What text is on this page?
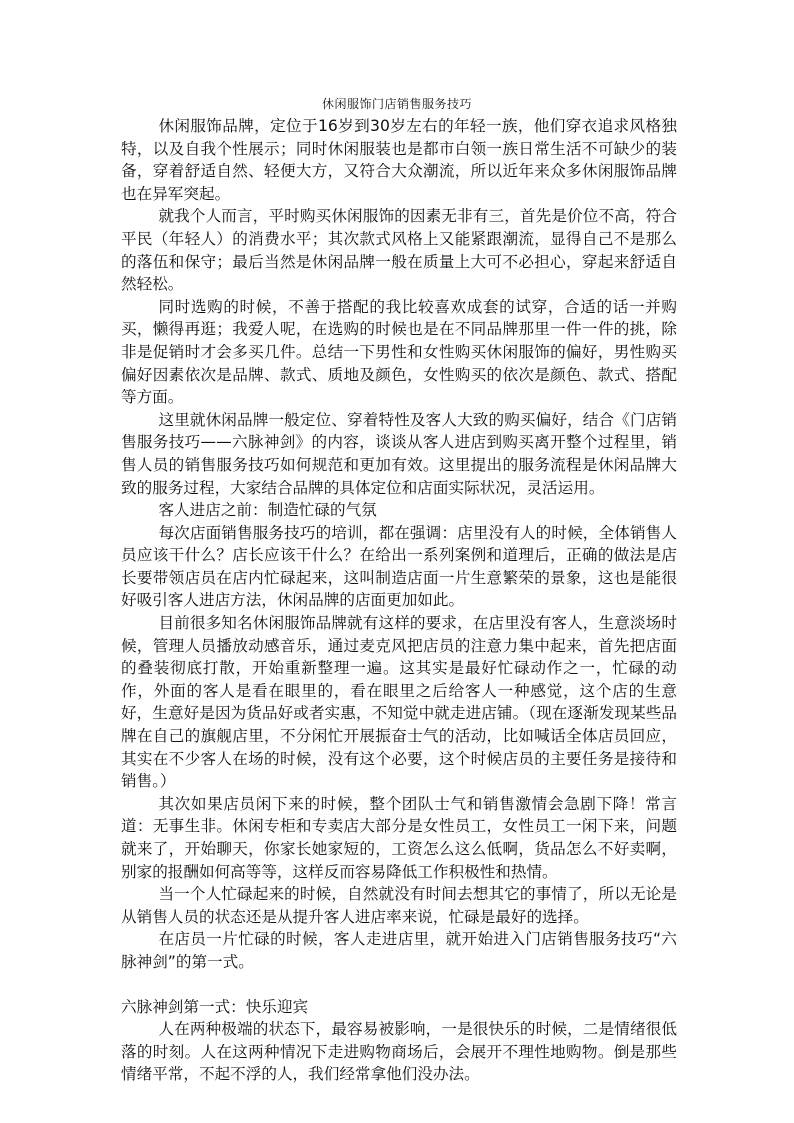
休闲服饰门店销售服务技巧

休闲服饰品牌，定位于16岁到30岁左右的年轻一族，他们穿衣追求风格独特，以及自我个性展示；同时休闲服装也是都市白领一族日常生活不可缺少的装备，穿着舒适自然、轻便大方，又符合大众潮流，所以近年来众多休闲服饰品牌也在异军突起。

就我个人而言，平时购买休闲服饰的因素无非有三，首先是价位不高，符合平民（年轻人）的消费水平；其次款式风格上又能紧跟潮流，显得自己不是那么的落伍和保守；最后当然是休闲品牌一般在质量上大可不必担心，穿起来舒适自然轻松。

同时选购的时候，不善于搭配的我比较喜欢成套的试穿，合适的话一并购买，懒得再逛；我爱人呢，在选购的时候也是在不同品牌那里一件一件的挑，除非是促销时才会多买几件。总结一下男性和女性购买休闲服饰的偏好，男性购买偏好因素依次是品牌、款式、质地及颜色，女性购买的依次是颜色、款式、搭配等方面。

这里就休闲品牌一般定位、穿着特性及客人大致的购买偏好，结合《门店销售服务技巧——六脉神剑》的内容，谈谈从客人进店到购买离开整个过程里，销售人员的销售服务技巧如何规范和更加有效。这里提出的服务流程是休闲品牌大致的服务过程，大家结合品牌的具体定位和店面实际状况，灵活运用。

客人进店之前：制造忙碌的气氛

每次店面销售服务技巧的培训，都在强调：店里没有人的时候，全体销售人员应该干什么？店长应该干什么？在给出一系列案例和道理后，正确的做法是店长要带领店员在店内忙碌起来，这叫制造店面一片生意繁荣的景象，这也是能很好吸引客人进店方法，休闲品牌的店面更加如此。

目前很多知名休闲服饰品牌就有这样的要求，在店里没有客人，生意淡场时候，管理人员播放动感音乐，通过麦克风把店员的注意力集中起来，首先把店面的叠装彻底打散，开始重新整理一遍。这其实是最好忙碌动作之一，忙碌的动作，外面的客人是看在眼里的，看在眼里之后给客人一种感觉，这个店的生意好，生意好是因为货品好或者实惠，不知觉中就走进店铺。（现在逐渐发现某些品牌在自己的旗舰店里，不分闲忙开展振奋士气的活动，比如喊话全体店员回应，其实在不少客人在场的时候，没有这个必要，这个时候店员的主要任务是接待和销售。）

其次如果店员闲下来的时候，整个团队士气和销售激情会急剧下降！常言道：无事生非。休闲专柜和专卖店大部分是女性员工，女性员工一闲下来，问题就来了，开始聊天，你家长她家短的，工资怎么这么低啊，货品怎么不好卖啊，别家的报酬如何高等等，这样反而容易降低工作积极性和热情。

当一个人忙碌起来的时候，自然就没有时间去想其它的事情了，所以无论是从销售人员的状态还是从提升客人进店率来说，忙碌是最好的选择。

在店员一片忙碌的时候，客人走进店里，就开始进入门店销售服务技巧“六脉神剑”的第一式。

六脉神剑第一式：快乐迎宾

人在两种极端的状态下，最容易被影响，一是很快乐的时候，二是情绪很低落的时刻。人在这两种情况下走进购物商场后，会展开不理性地购物。倒是那些情绪平常，不起不浮的人，我们经常拿他们没办法。
